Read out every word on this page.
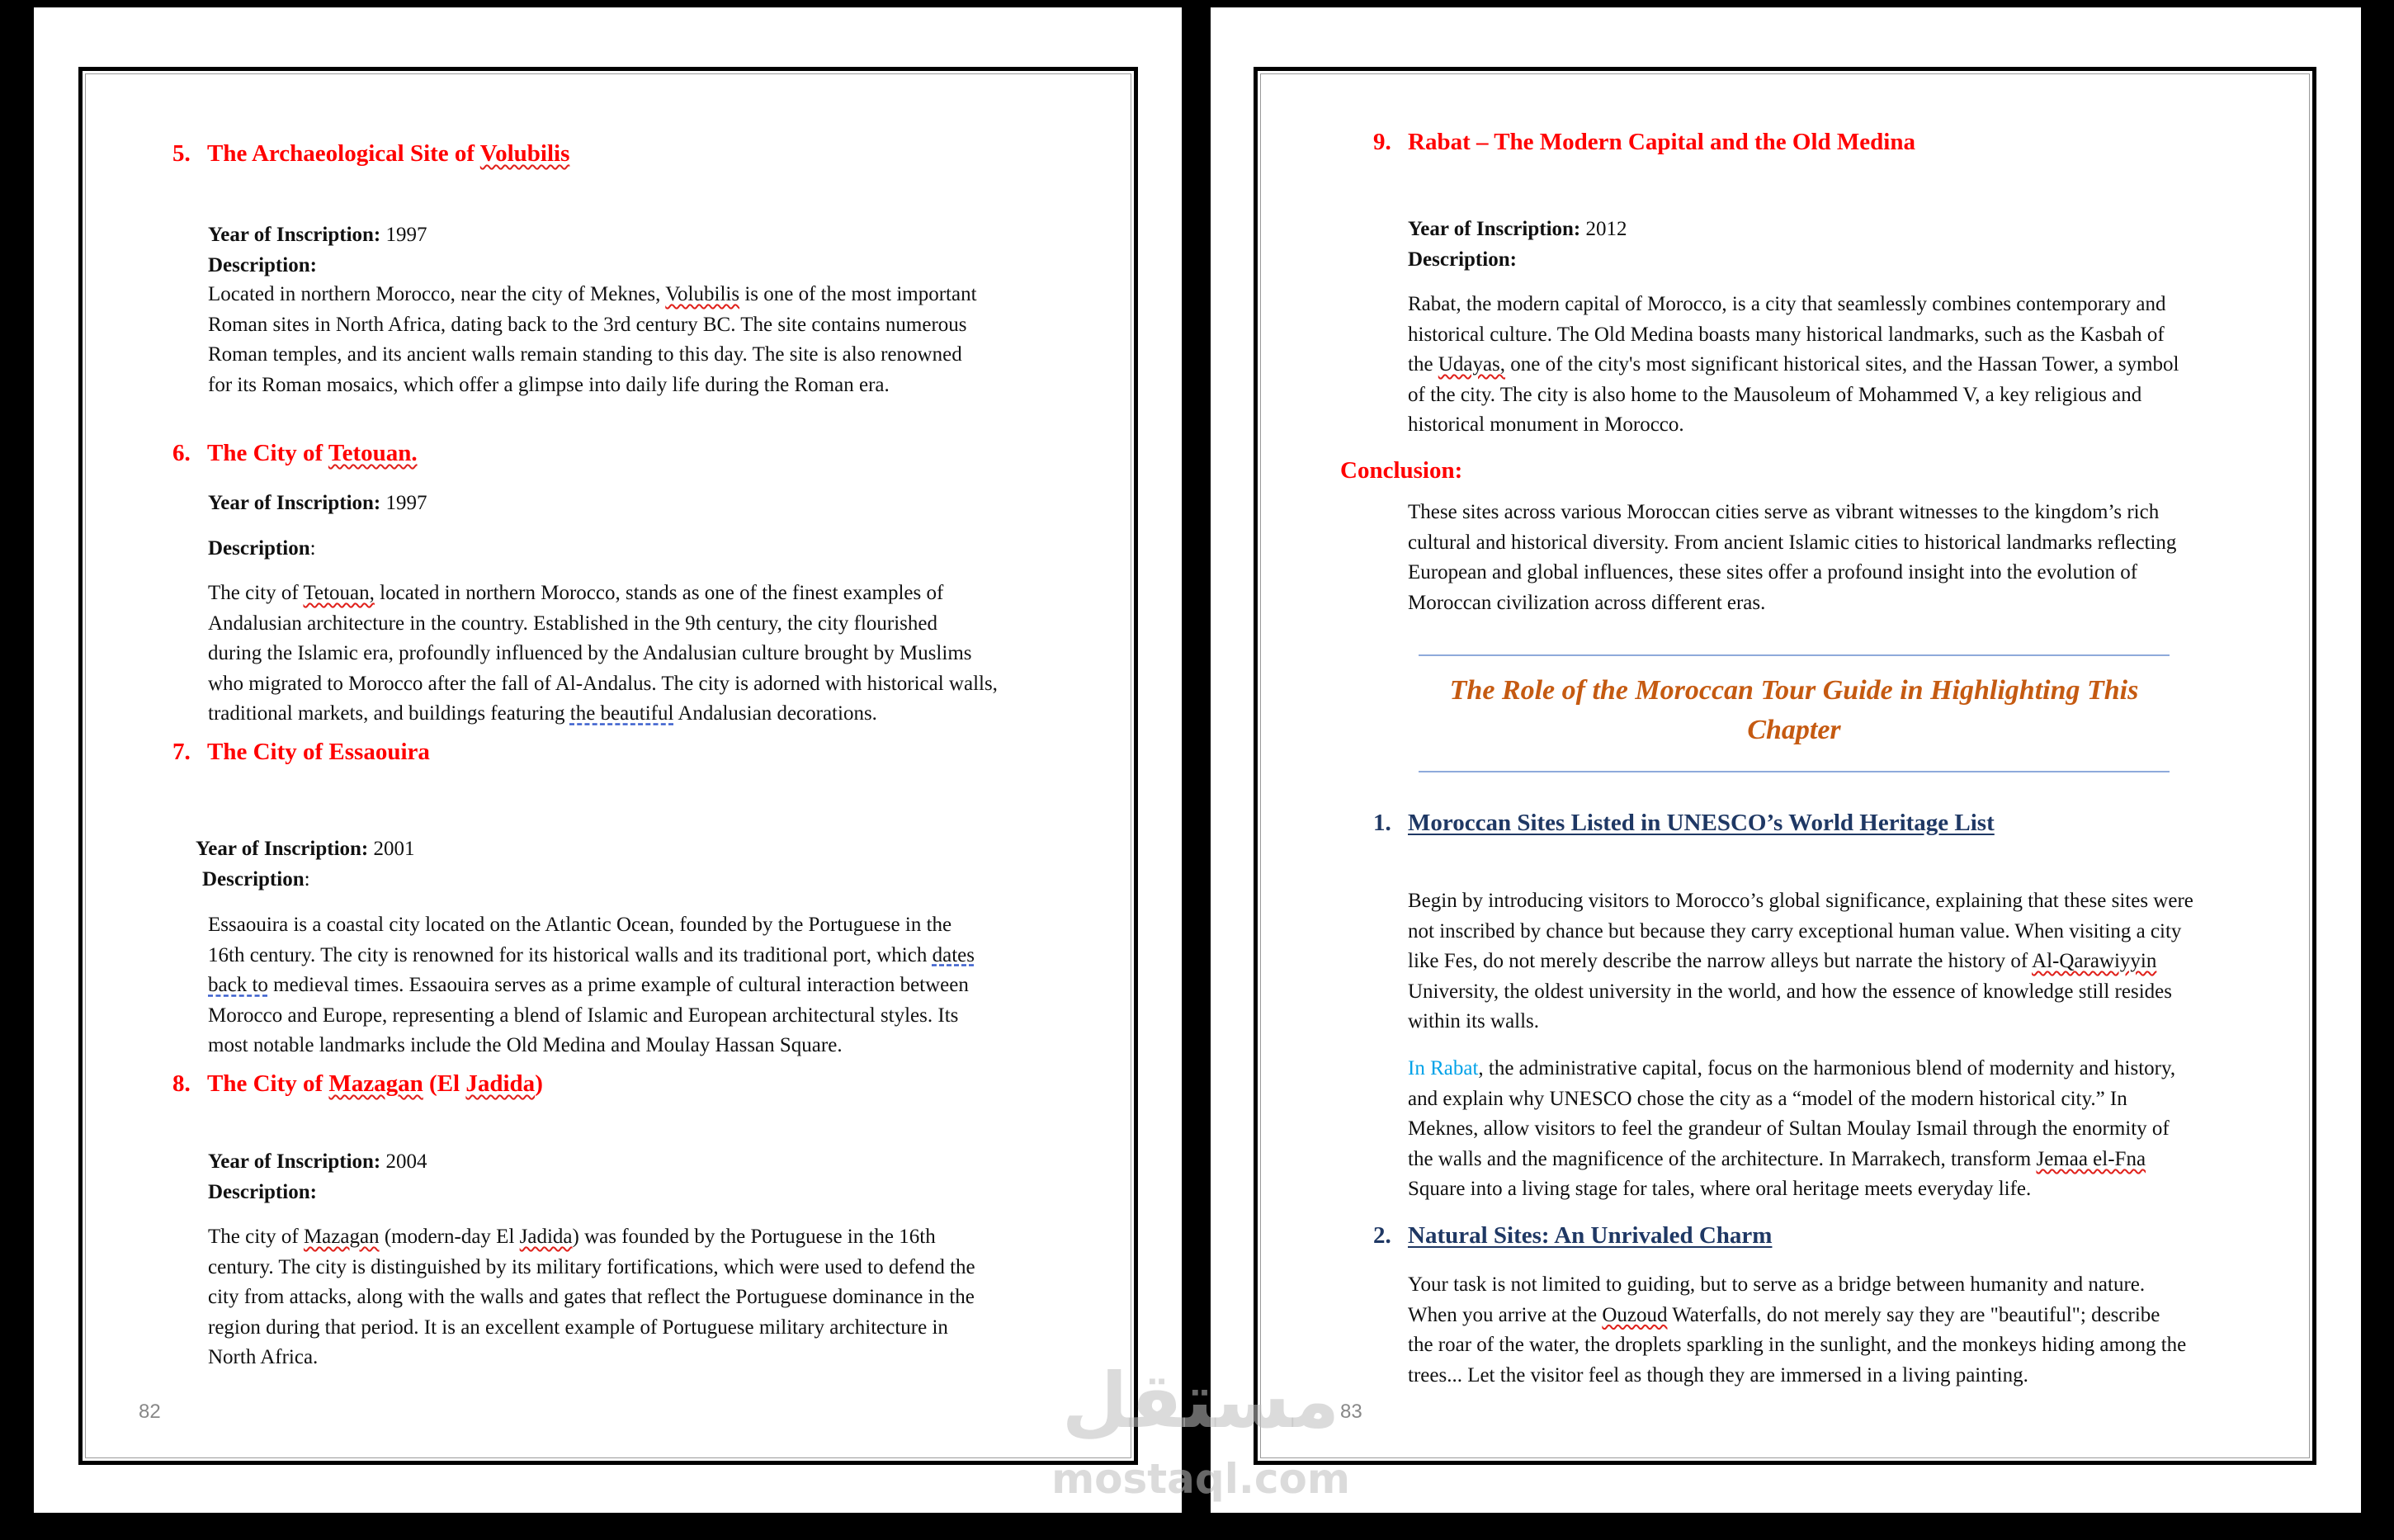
5. The Archaeological Site of Volubilis
Year of Inscription: 1997
Description:
Located in northern Morocco, near the city of Meknes, Volubilis is one of the most important
Roman sites in North Africa, dating back to the 3rd century BC. The site contains numerous
Roman temples, and its ancient walls remain standing to this day. The site is also renowned
for its Roman mosaics, which offer a glimpse into daily life during the Roman era.
6. The City of Tetouan.
Year of Inscription: 1997
Description:
The city of Tetouan, located in northern Morocco, stands as one of the finest examples of
Andalusian architecture in the country. Established in the 9th century, the city flourished
during the Islamic era, profoundly influenced by the Andalusian culture brought by Muslims
who migrated to Morocco after the fall of Al-Andalus. The city is adorned with historical walls,
traditional markets, and buildings featuring the beautiful Andalusian decorations.
7. The City of Essaouira
Year of Inscription: 2001
Description:
Essaouira is a coastal city located on the Atlantic Ocean, founded by the Portuguese in the
16th century. The city is renowned for its historical walls and its traditional port, which dates
back to medieval times. Essaouira serves as a prime example of cultural interaction between
Morocco and Europe, representing a blend of Islamic and European architectural styles. Its
most notable landmarks include the Old Medina and Moulay Hassan Square.
8. The City of Mazagan (El Jadida)
Year of Inscription: 2004
Description:
The city of Mazagan (modern-day El Jadida) was founded by the Portuguese in the 16th
century. The city is distinguished by its military fortifications, which were used to defend the
city from attacks, along with the walls and gates that reflect the Portuguese dominance in the
region during that period. It is an excellent example of Portuguese military architecture in
North Africa.
82
9. Rabat – The Modern Capital and the Old Medina
Year of Inscription: 2012
Description:
Rabat, the modern capital of Morocco, is a city that seamlessly combines contemporary and
historical culture. The Old Medina boasts many historical landmarks, such as the Kasbah of
the Udayas, one of the city's most significant historical sites, and the Hassan Tower, a symbol
of the city. The city is also home to the Mausoleum of Mohammed V, a key religious and
historical monument in Morocco.
Conclusion:
These sites across various Moroccan cities serve as vibrant witnesses to the kingdom’s rich
cultural and historical diversity. From ancient Islamic cities to historical landmarks reflecting
European and global influences, these sites offer a profound insight into the evolution of
Moroccan civilization across different eras.
The Role of the Moroccan Tour Guide in Highlighting This
Chapter
1. Moroccan Sites Listed in UNESCO’s World Heritage List
Begin by introducing visitors to Morocco’s global significance, explaining that these sites were
not inscribed by chance but because they carry exceptional human value. When visiting a city
like Fes, do not merely describe the narrow alleys but narrate the history of Al-Qarawiyyin
University, the oldest university in the world, and how the essence of knowledge still resides
within its walls.
In Rabat, the administrative capital, focus on the harmonious blend of modernity and history,
and explain why UNESCO chose the city as a “model of the modern historical city.” In
Meknes, allow visitors to feel the grandeur of Sultan Moulay Ismail through the enormity of
the walls and the magnificence of the architecture. In Marrakech, transform Jemaa el-Fna
Square into a living stage for tales, where oral heritage meets everyday life.
2. Natural Sites: An Unrivaled Charm
Your task is not limited to guiding, but to serve as a bridge between humanity and nature.
When you arrive at the Ouzoud Waterfalls, do not merely say they are "beautiful"; describe
the roar of the water, the droplets sparkling in the sunlight, and the monkeys hiding among the
trees... Let the visitor feel as though they are immersed in a living painting.
83
مستقل
mostaql.com
